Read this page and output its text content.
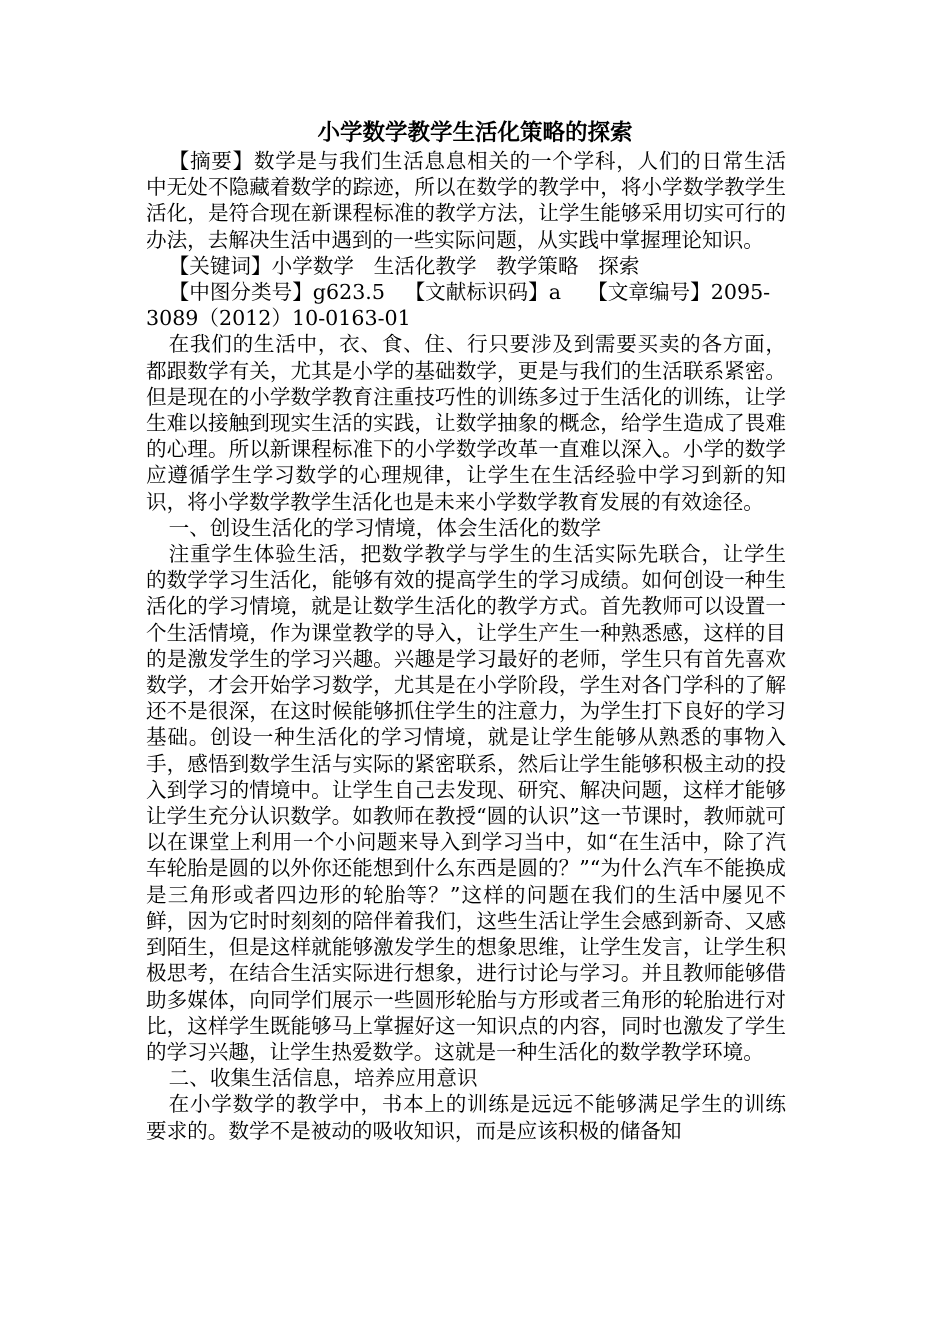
小学数学教学生活化策略的探索

【摘要】数学是与我们生活息息相关的一个学科，人们的日常生活中无处不隐藏着数学的踪迹，所以在数学的教学中，将小学数学教学生活化，是符合现在新课程标准的教学方法，让学生能够采用切实可行的办法，去解决生活中遇到的一些实际问题，从实践中掌握理论知识。

【关键词】小学数学   生活化教学   教学策略   探索

【中图分类号】g623.5   【文献标识码】a    【文章编号】2095-3089（2012）10-0163-01

在我们的生活中，衣、食、住、行只要涉及到需要买卖的各方面，都跟数学有关，尤其是小学的基础数学，更是与我们的生活联系紧密。但是现在的小学数学教育注重技巧性的训练多过于生活化的训练，让学生难以接触到现实生活的实践，让数学抽象的概念，给学生造成了畏难的心理。所以新课程标准下的小学数学改革一直难以深入。小学的数学应遵循学生学习数学的心理规律，让学生在生活经验中学习到新的知识，将小学数学教学生活化也是未来小学数学教育发展的有效途径。

一、创设生活化的学习情境，体会生活化的数学

注重学生体验生活，把数学教学与学生的生活实际先联合，让学生的数学学习生活化，能够有效的提高学生的学习成绩。如何创设一种生活化的学习情境，就是让数学生活化的教学方式。首先教师可以设置一个生活情境，作为课堂教学的导入，让学生产生一种熟悉感，这样的目的是激发学生的学习兴趣。兴趣是学习最好的老师，学生只有首先喜欢数学，才会开始学习数学，尤其是在小学阶段，学生对各门学科的了解还不是很深，在这时候能够抓住学生的注意力，为学生打下良好的学习基础。创设一种生活化的学习情境，就是让学生能够从熟悉的事物入手，感悟到数学生活与实际的紧密联系，然后让学生能够积极主动的投入到学习的情境中。让学生自己去发现、研究、解决问题，这样才能够让学生充分认识数学。如教师在教授“圆的认识”这一节课时，教师就可以在课堂上利用一个小问题来导入到学习当中，如“在生活中，除了汽车轮胎是圆的以外你还能想到什么东西是圆的？”“为什么汽车不能换成是三角形或者四边形的轮胎等？”这样的问题在我们的生活中屡见不鲜，因为它时时刻刻的陪伴着我们，这些生活让学生会感到新奇、又感到陌生，但是这样就能够激发学生的想象思维，让学生发言，让学生积极思考，在结合生活实际进行想象，进行讨论与学习。并且教师能够借助多媒体，向同学们展示一些圆形轮胎与方形或者三角形的轮胎进行对比，这样学生既能够马上掌握好这一知识点的内容，同时也激发了学生的学习兴趣，让学生热爱数学。这就是一种生活化的数学教学环境。

二、收集生活信息，培养应用意识

在小学数学的教学中，书本上的训练是远远不能够满足学生的训练要求的。数学不是被动的吸收知识，而是应该积极的储备知
